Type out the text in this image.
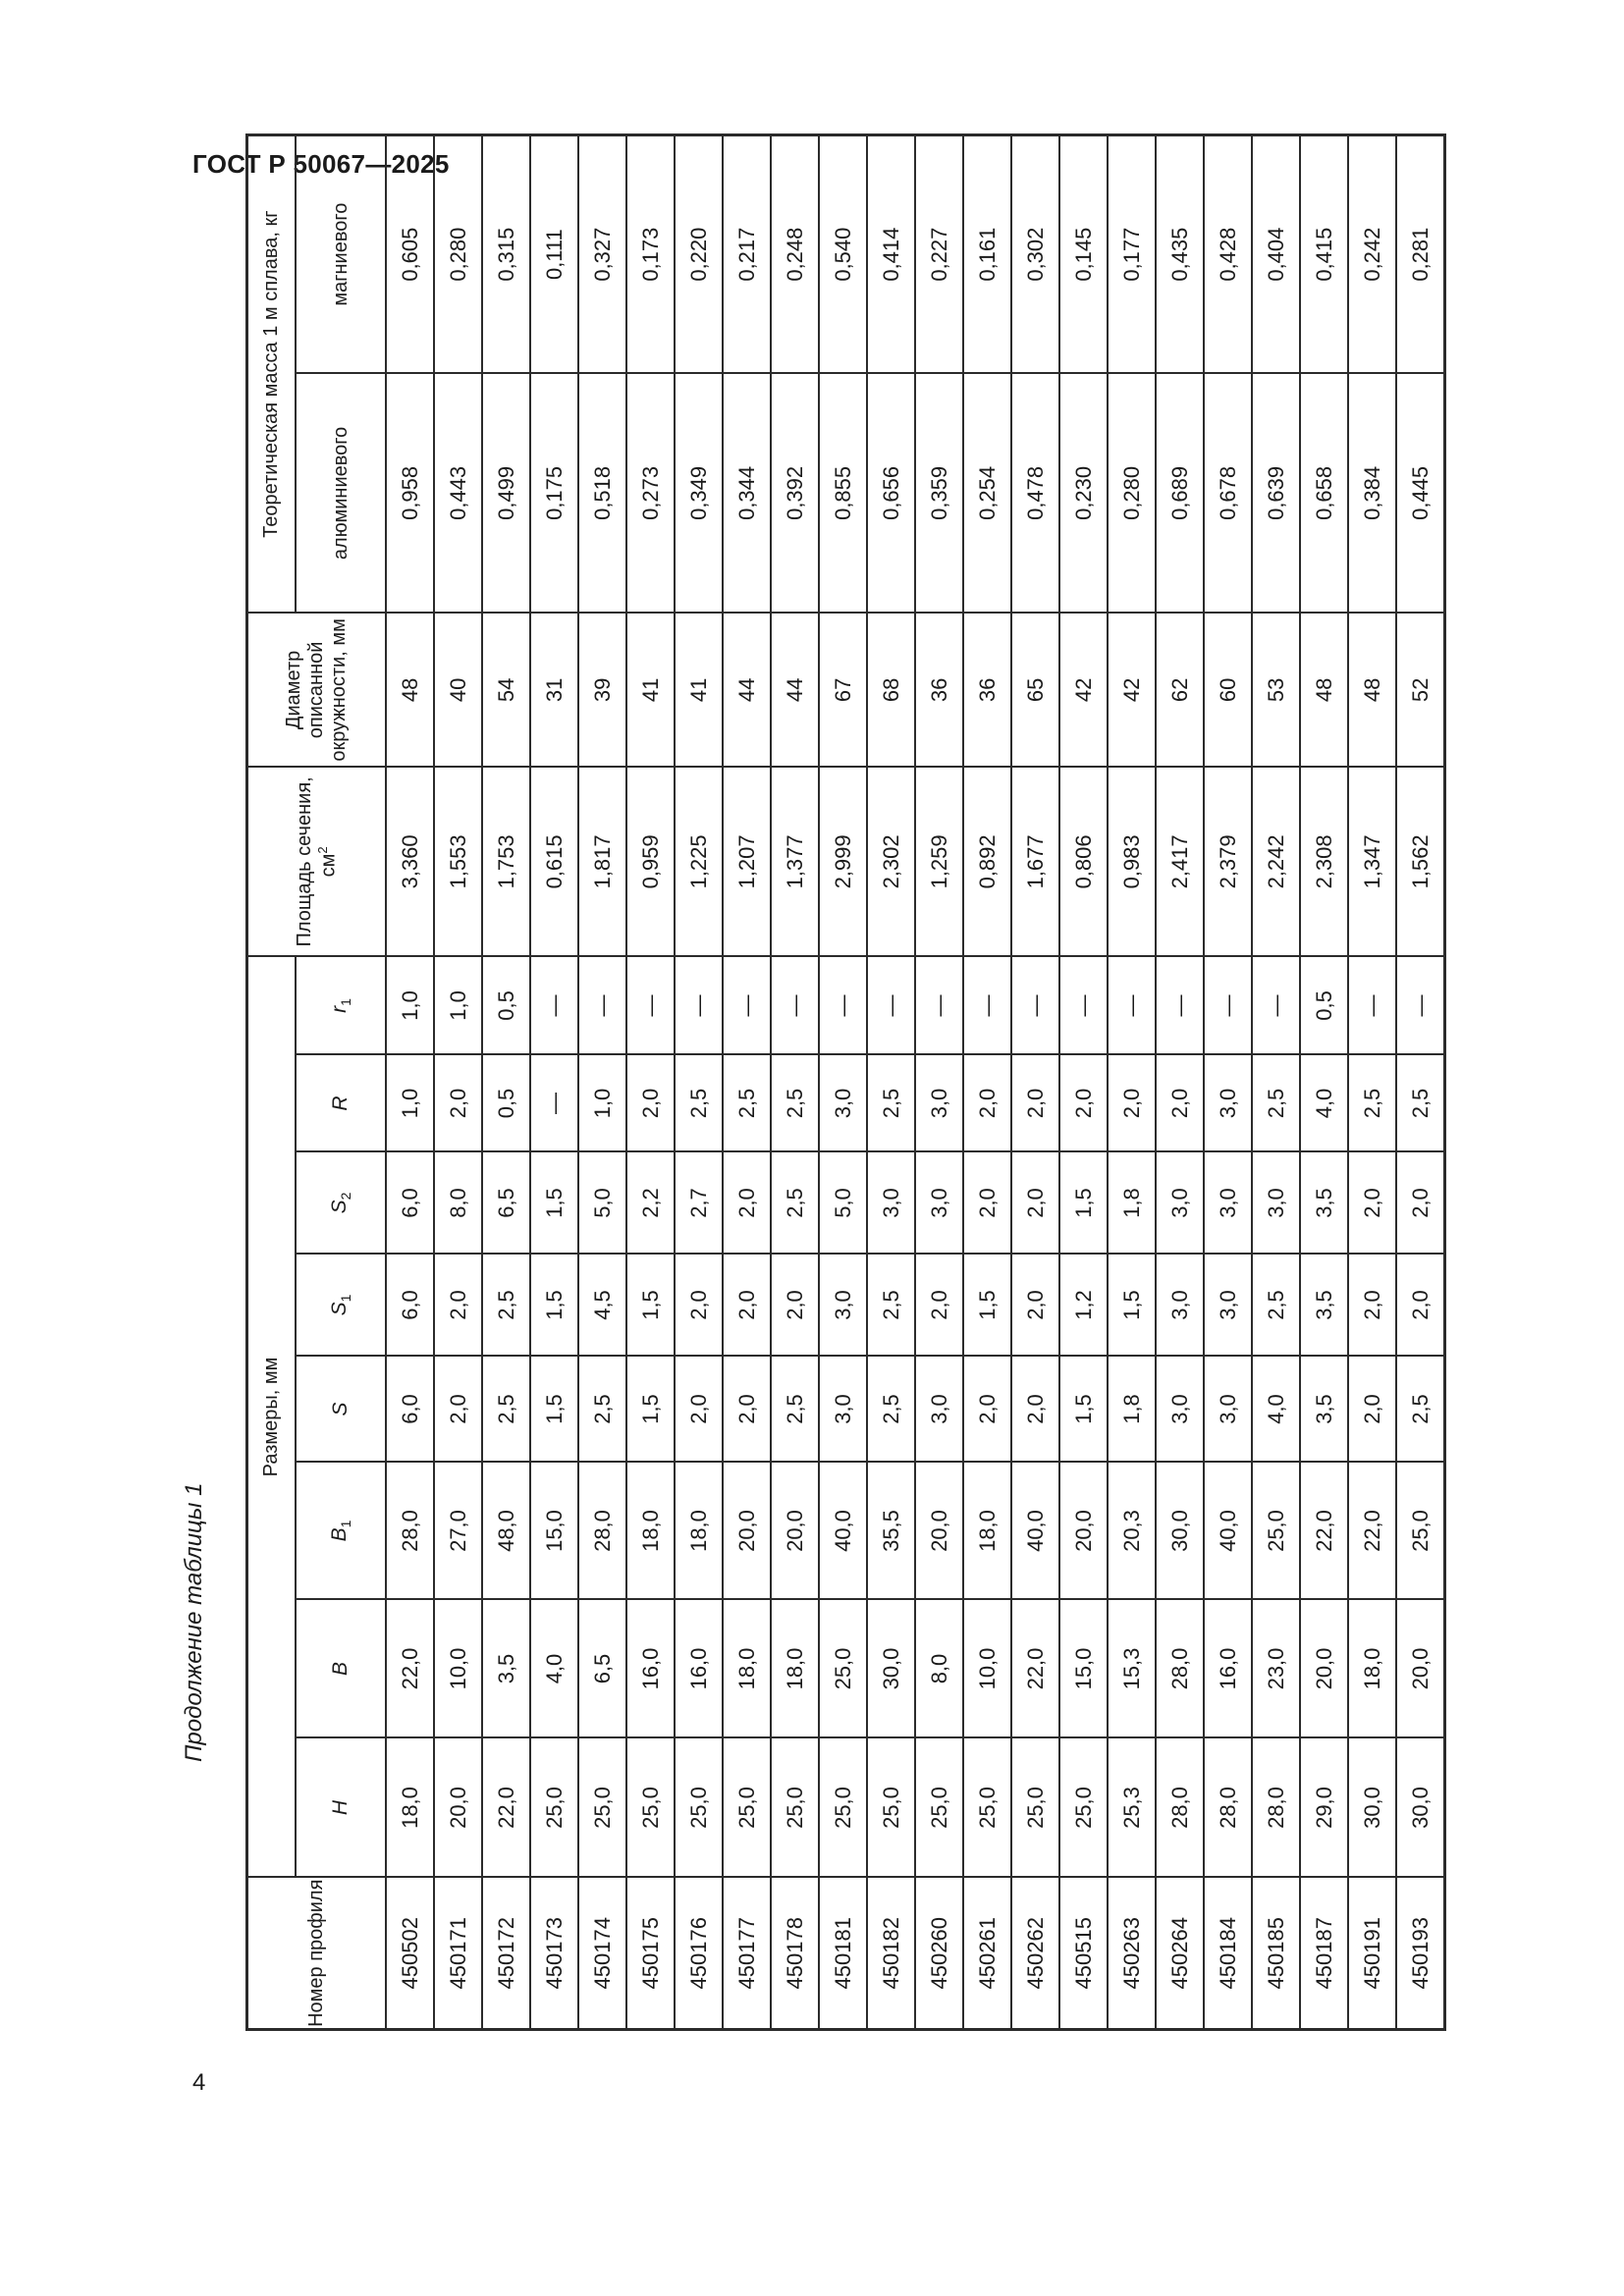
ГОСТ Р 50067—2025
4
Продолжение таблицы 1
Номер профиля	Размеры, мм								Площадь сечения, $см^2$	Диаметр описанной окружности, мм	Теоретическая масса 1 м сплава, кг	
	H	B	$B_1$	S	$S_1$	$S_2$	R	$r_1$			алюминиевого	магниевого
450502	18,0	22,0	28,0	6,0	6,0	6,0	1,0	1,0	3,360	48	0,958	0,605
450171	20,0	10,0	27,0	2,0	2,0	8,0	2,0	1,0	1,553	40	0,443	0,280
450172	22,0	3,5	48,0	2,5	2,5	6,5	0,5	0,5	1,753	54	0,499	0,315
450173	25,0	4,0	15,0	1,5	1,5	1,5	—	—	0,615	31	0,175	0,111
450174	25,0	6,5	28,0	2,5	4,5	5,0	1,0	—	1,817	39	0,518	0,327
450175	25,0	16,0	18,0	1,5	1,5	2,2	2,0	—	0,959	41	0,273	0,173
450176	25,0	16,0	18,0	2,0	2,0	2,7	2,5	—	1,225	41	0,349	0,220
450177	25,0	18,0	20,0	2,0	2,0	2,0	2,5	—	1,207	44	0,344	0,217
450178	25,0	18,0	20,0	2,5	2,0	2,5	2,5	—	1,377	44	0,392	0,248
450181	25,0	25,0	40,0	3,0	3,0	5,0	3,0	—	2,999	67	0,855	0,540
450182	25,0	30,0	35,5	2,5	2,5	3,0	2,5	—	2,302	68	0,656	0,414
450260	25,0	8,0	20,0	3,0	2,0	3,0	3,0	—	1,259	36	0,359	0,227
450261	25,0	10,0	18,0	2,0	1,5	2,0	2,0	—	0,892	36	0,254	0,161
450262	25,0	22,0	40,0	2,0	2,0	2,0	2,0	—	1,677	65	0,478	0,302
450515	25,0	15,0	20,0	1,5	1,2	1,5	2,0	—	0,806	42	0,230	0,145
450263	25,3	15,3	20,3	1,8	1,5	1,8	2,0	—	0,983	42	0,280	0,177
450264	28,0	28,0	30,0	3,0	3,0	3,0	2,0	—	2,417	62	0,689	0,435
450184	28,0	16,0	40,0	3,0	3,0	3,0	3,0	—	2,379	60	0,678	0,428
450185	28,0	23,0	25,0	4,0	2,5	3,0	2,5	—	2,242	53	0,639	0,404
450187	29,0	20,0	22,0	3,5	3,5	3,5	4,0	0,5	2,308	48	0,658	0,415
450191	30,0	18,0	22,0	2,0	2,0	2,0	2,5	—	1,347	48	0,384	0,242
450193	30,0	20,0	25,0	2,5	2,0	2,0	2,5	—	1,562	52	0,445	0,281
